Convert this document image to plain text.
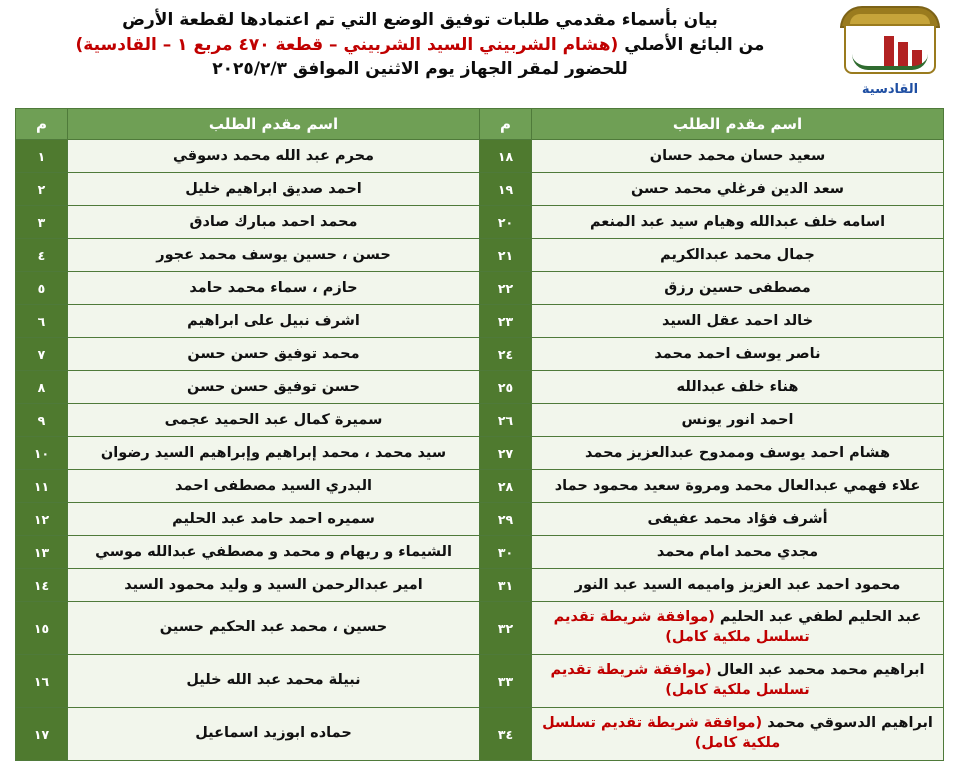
القادسية
بيان بأسماء مقدمي طلبات توفيق الوضع التي تم اعتمادها لقطعة الأرض
من البائع الأصلي (هشام الشربيني السيد الشربيني – قطعة ٤٧٠ مربع ١ – القادسية)
للحضور لمقر الجهاز يوم الاثنين الموافق ٢٠٢٥/٢/٣
اسم مقدم الطلب	م	اسم مقدم الطلب	م
سعيد حسان محمد حسان	١٨	محرم عبد الله محمد دسوقي	١
سعد الدين فرغلي محمد حسن	١٩	احمد صديق ابراهيم خليل	٢
اسامه خلف عبدالله وهيام سيد عبد المنعم	٢٠	محمد احمد مبارك صادق	٣
جمال محمد عبدالكريم	٢١	حسن ، حسين يوسف محمد عجور	٤
مصطفى حسين رزق	٢٢	حازم ، سماء محمد حامد	٥
خالد احمد عقل السيد	٢٣	اشرف نبيل على ابراهيم	٦
ناصر يوسف احمد محمد	٢٤	محمد توفيق حسن حسن	٧
هناء خلف عبدالله	٢٥	حسن توفيق حسن حسن	٨
احمد انور يونس	٢٦	سميرة كمال عبد الحميد عجمى	٩
هشام احمد يوسف وممدوح عبدالعزيز محمد	٢٧	سيد محمد ، محمد إبراهيم وإبراهيم السيد رضوان	١٠
علاء فهمي عبدالعال محمد ومروة سعيد محمود حماد	٢٨	البدري السيد مصطفى احمد	١١
أشرف فؤاد محمد عفيفى	٢٩	سميره احمد حامد عبد الحليم	١٢
مجدي محمد امام محمد	٣٠	الشيماء و ريهام و محمد و مصطفي عبدالله موسي	١٣
محمود احمد عبد العزيز واميمه السيد عبد النور	٣١	امير عبدالرحمن السيد و وليد محمود السيد	١٤
عبد الحليم لطفي عبد الحليم (موافقة شريطة تقديم تسلسل ملكية كامل)	٣٢	حسين ، محمد عبد الحكيم حسين	١٥
ابراهيم محمد محمد عبد العال (موافقة شريطة تقديم تسلسل ملكية كامل)	٣٣	نبيلة محمد عبد الله خليل	١٦
ابراهيم الدسوقي محمد (موافقة شريطة تقديم تسلسل ملكية كامل)	٣٤	حماده ابوزيد اسماعيل	١٧
